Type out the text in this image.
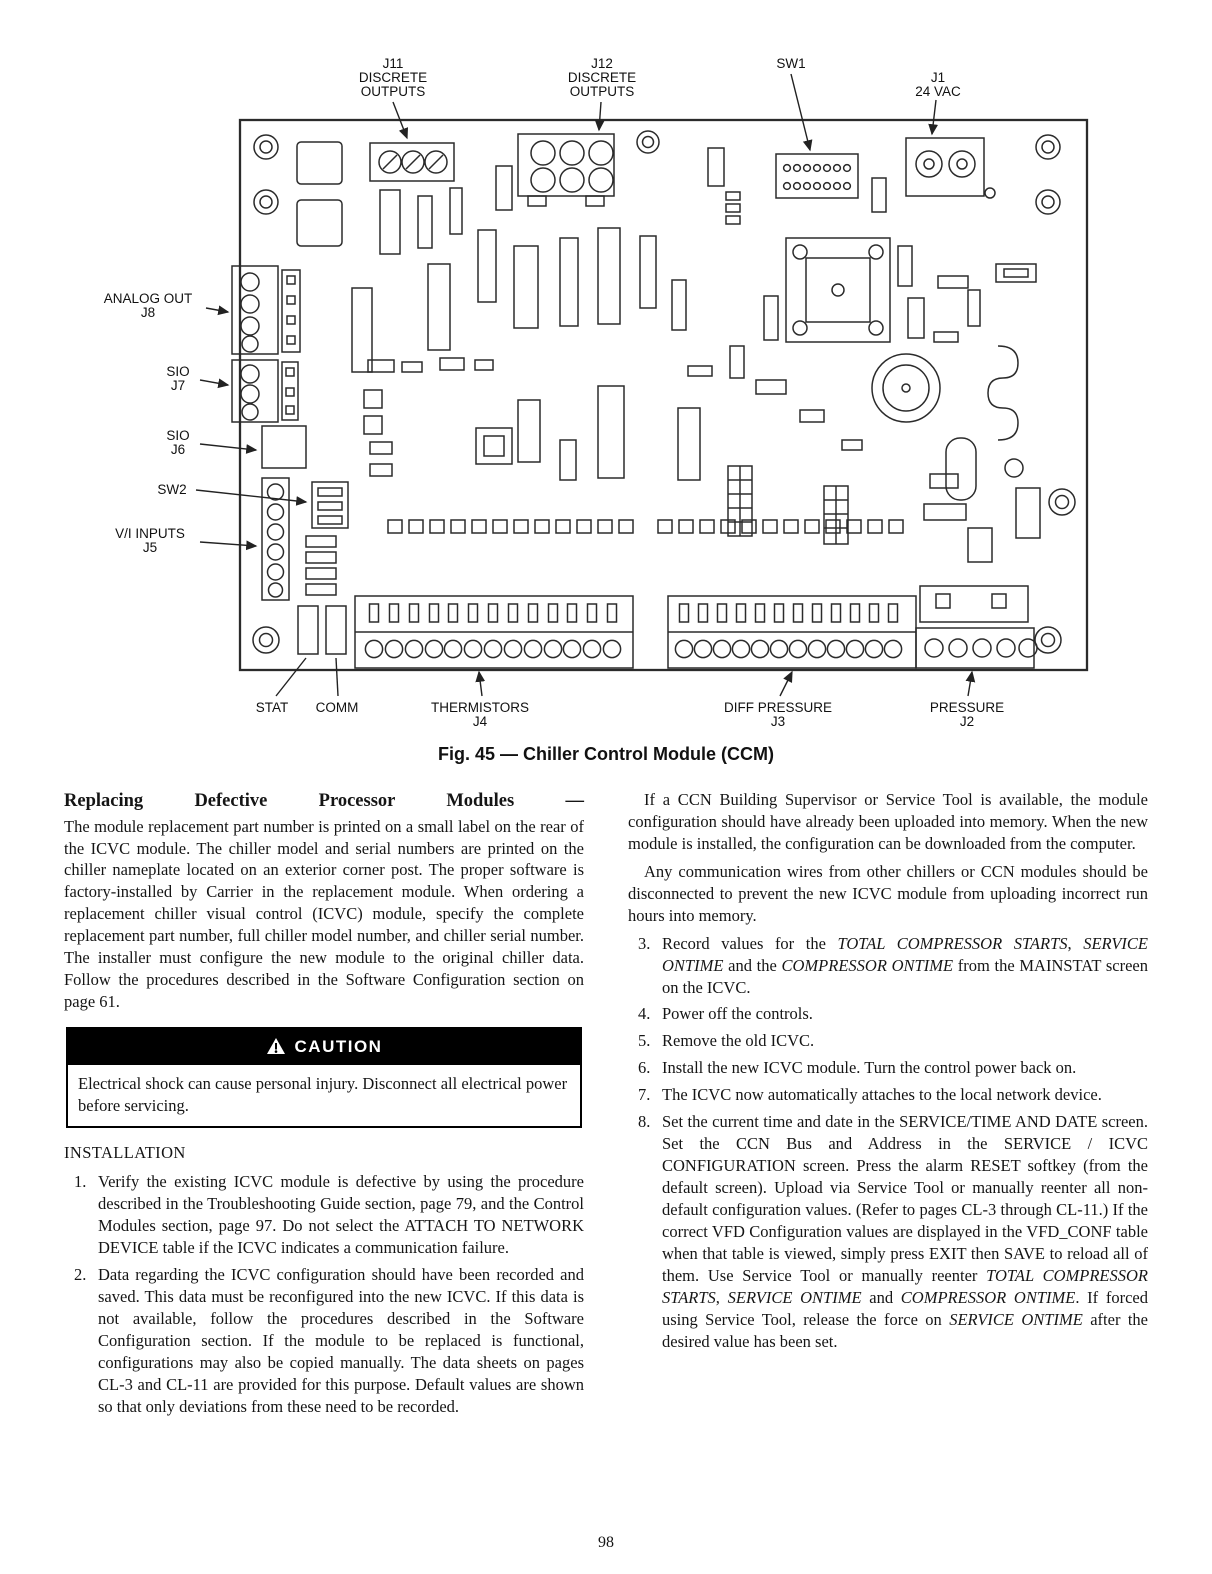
J11
DISCRETE
OUTPUTS
J12
DISCRETE
OUTPUTS
SW1
J1
24 VAC
ANALOG OUT
J8
SIO
J7
SIO
J6
SW2
V/I INPUTS
J5
STAT COMM	THERMISTORS
J4
DIFF PRESSURE
J3
PRESSURE
J2
Fig. 45 — Chiller Control Module (CCM)
Replacing Defective Processor Modules —

The module replacement part number is printed on a small label on the rear of the ICVC module. The chiller model and serial numbers are printed on the chiller nameplate located on an exterior corner post. The proper software is factory-installed by Carrier in the replacement module. When ordering a replacement chiller visual control (ICVC) module, specify the complete replacement part number, full chiller model number, and chiller serial number. The installer must configure the new module to the original chiller data. Follow the procedures described in the Software Configuration section on page 61.

CAUTION

Electrical shock can cause personal injury. Disconnect all electrical power before servicing.

INSTALLATION
1. Verify the existing ICVC module is defective by using the procedure described in the Troubleshooting Guide section, page 79, and the Control Modules section, page 97. Do not select the ATTACH TO NETWORK DEVICE table if the ICVC indicates a communication failure.
2. Data regarding the ICVC configuration should have been recorded and saved. This data must be reconfigured into the new ICVC. If this data is not available, follow the procedures described in the Software Configuration section. If the module to be replaced is functional, configurations may also be copied manually. The data sheets on pages CL-3 and CL-11 are provided for this purpose. Default values are shown so that only deviations from these need to be recorded.

If a CCN Building Supervisor or Service Tool is available, the module configuration should have already been uploaded into memory. When the new module is installed, the configuration can be downloaded from the computer.

Any communication wires from other chillers or CCN modules should be disconnected to prevent the new ICVC module from uploading incorrect run hours into memory.

3. Record values for the TOTAL COMPRESSOR STARTS, SERVICE ONTIME and the COMPRESSOR ONTIME from the MAINSTAT screen on the ICVC.
4. Power off the controls.
5. Remove the old ICVC.
6. Install the new ICVC module. Turn the control power back on.
7. The ICVC now automatically attaches to the local network device.
8. Set the current time and date in the SERVICE/TIME AND DATE screen. Set the CCN Bus and Address in the SERVICE / ICVC CONFIGURATION screen. Press the alarm RESET softkey (from the default screen). Upload via Service Tool or manually reenter all non-default configuration values. (Refer to pages CL-3 through CL-11.) If the correct VFD Configuration values are displayed in the VFD_CONF table when that table is viewed, simply press EXIT then SAVE to reload all of them. Use Service Tool or manually reenter TOTAL COMPRESSOR STARTS, SERVICE ONTIME and COMPRESSOR ONTIME. If forced using Service Tool, release the force on SERVICE ONTIME after the desired value has been set.
98
